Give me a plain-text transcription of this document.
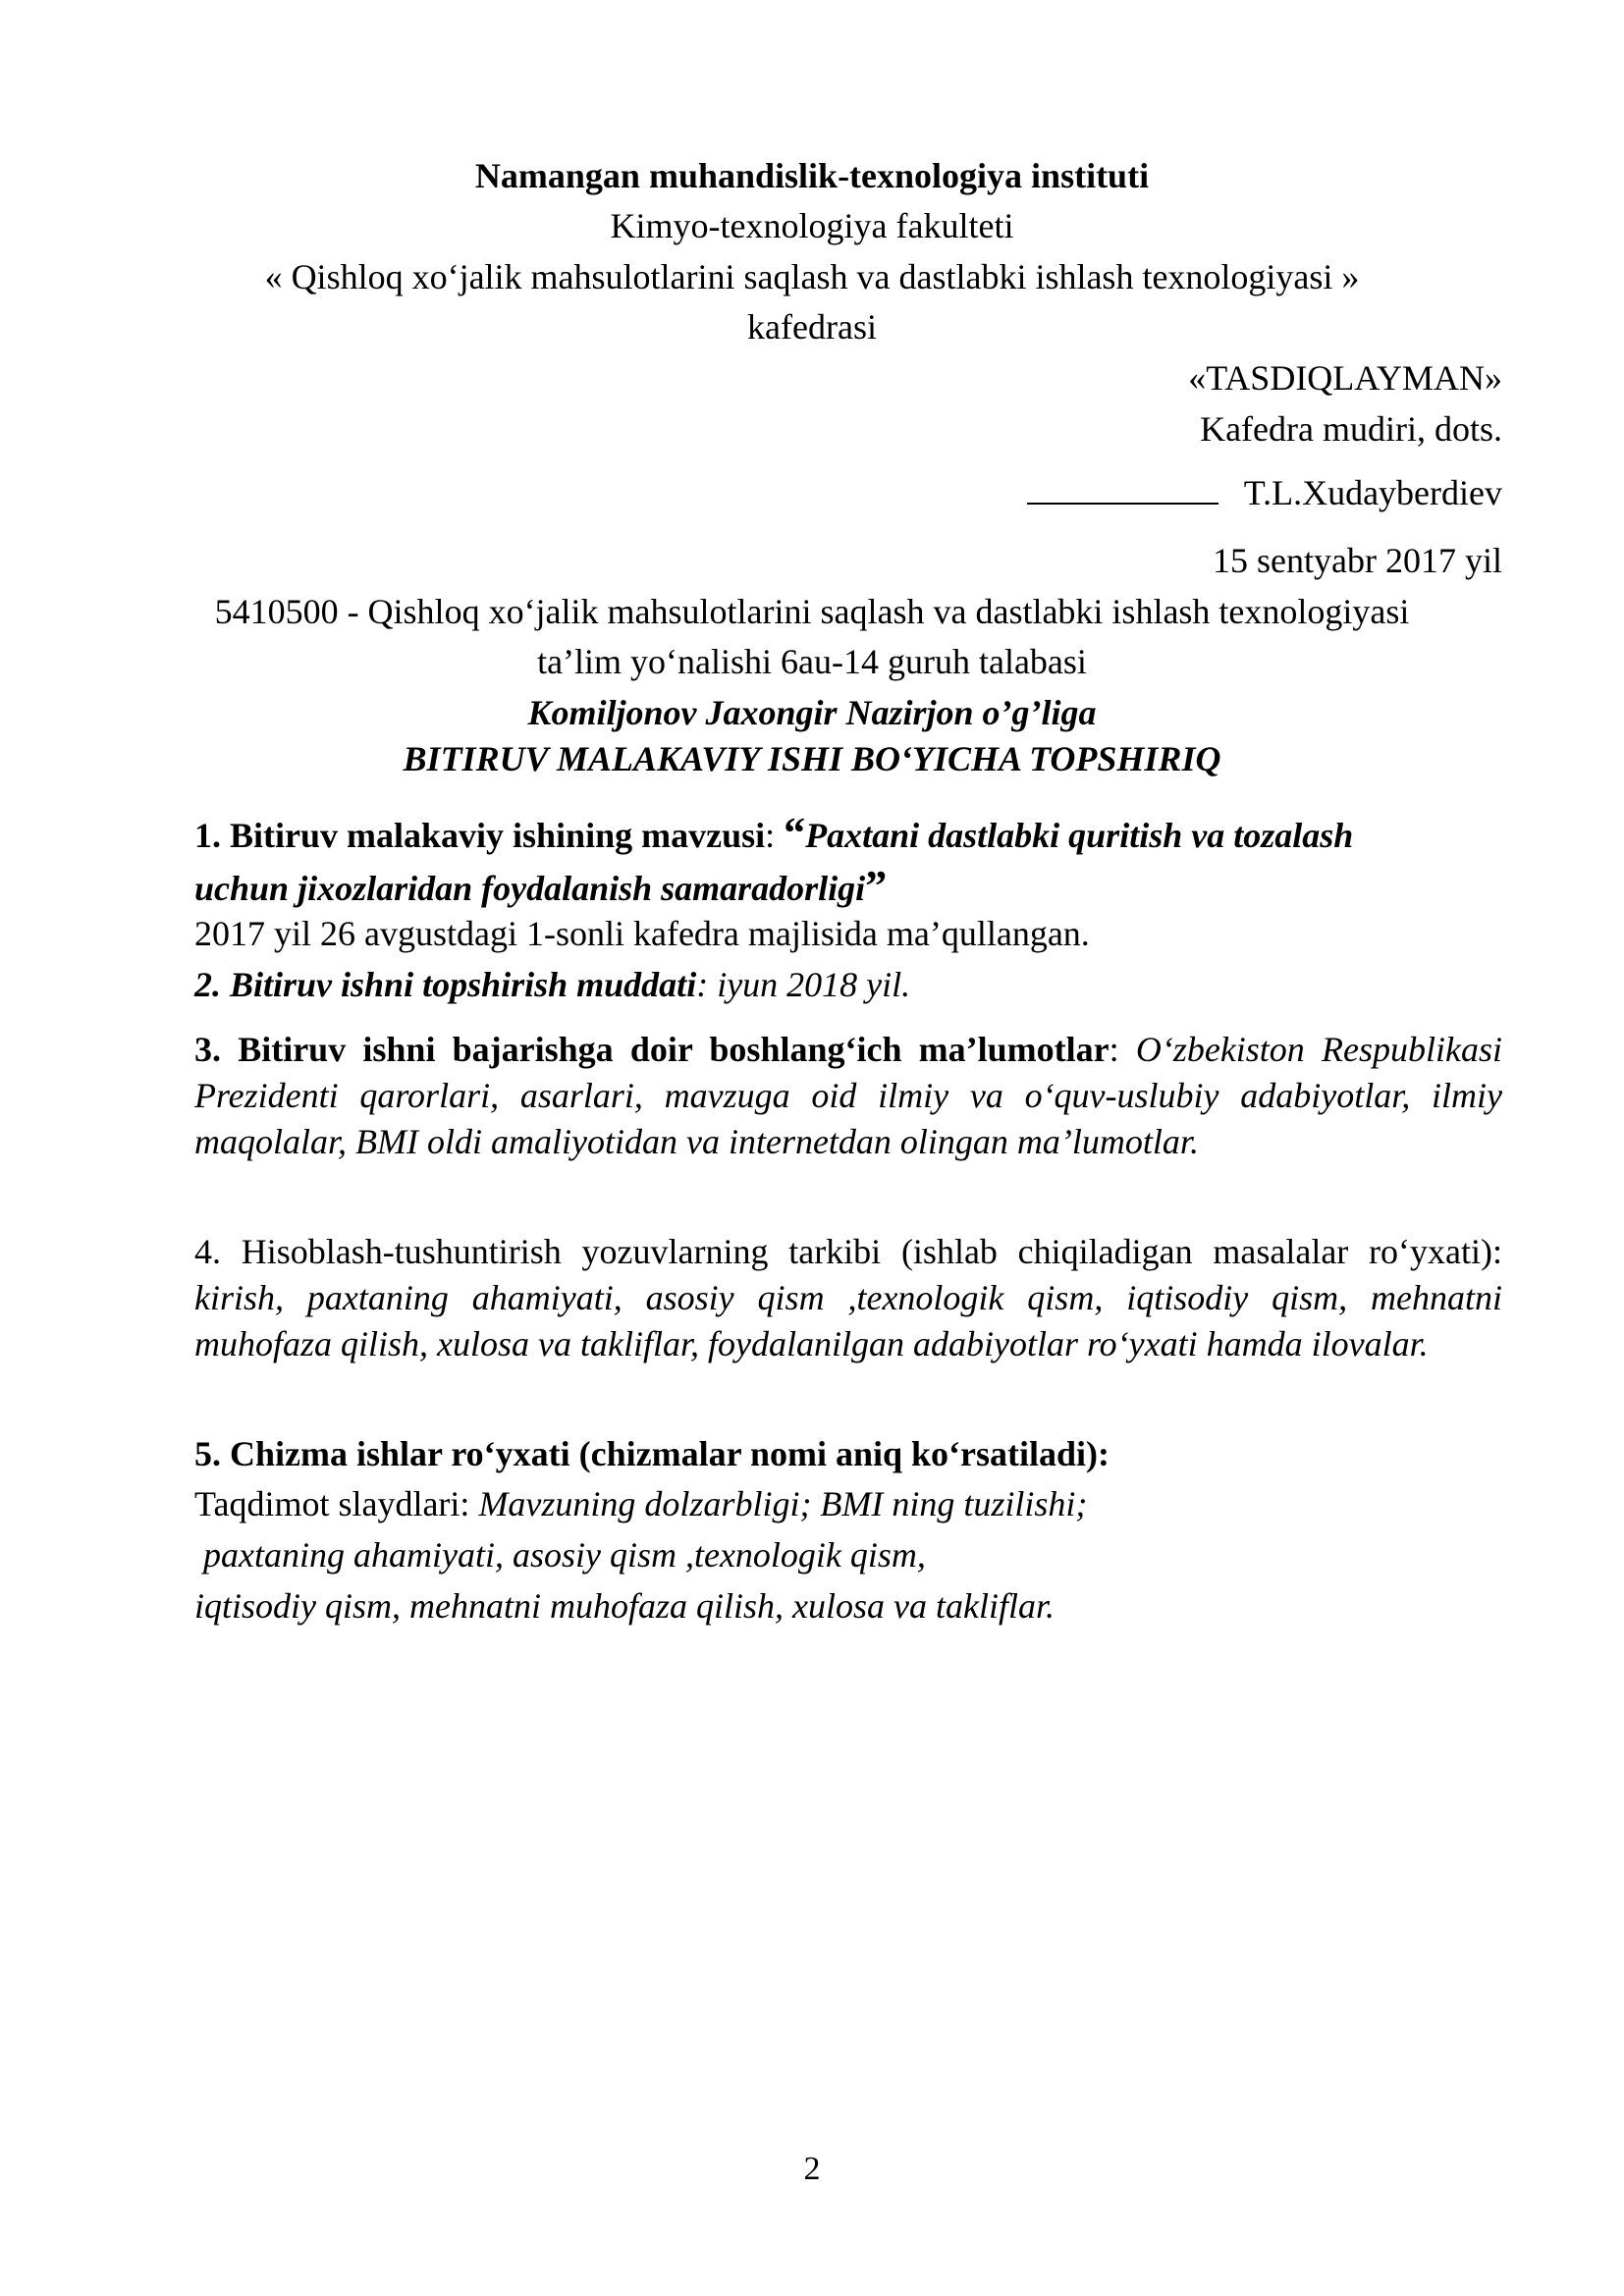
Namangan muhandislik-texnologiya instituti
Kimyo-texnologiya fakulteti
« Qishloq xo‘jalik mahsulotlarini saqlash va dastlabki ishlash texnologiyasi »
kafedrasi
«TASDIQLAYMAN»
Kafedra mudiri, dots.
T.L.Xudayberdiev
15 sentyabr 2017 yil
5410500 - Qishloq xo‘jalik mahsulotlarini saqlash va dastlabki ishlash texnologiyasi
ta’lim yo‘nalishi 6au-14 guruh talabasi
Komiljonov Jaxongir Nazirjon o’g’liga
BITIRUV MALAKAVIY ISHI BO‘YICHA TOPSHIRIQ
1. Bitiruv malakaviy ishining mavzusi: “Paxtani dastlabki quritish va tozalash
uchun jixozlaridan foydalanish samaradorligi”
2017 yil 26 avgustdagi 1-sonli kafedra majlisida ma’qullangan.
2. Bitiruv ishni topshirish muddati: iyun 2018 yil.

3. Bitiruv ishni bajarishga doir boshlang‘ich ma’lumotlar: O‘zbekiston Respublikasi Prezidenti qarorlari, asarlari, mavzuga oid ilmiy va o‘quv-uslubiy adabiyotlar, ilmiy maqolalar, BMI oldi amaliyotidan va internetdan olingan ma’lumotlar.

4. Hisoblash-tushuntirish yozuvlarning tarkibi (ishlab chiqiladigan masalalar ro‘yxati): kirish, paxtaning ahamiyati, asosiy qism ,texnologik qism, iqtisodiy qism, mehnatni muhofaza qilish, xulosa va takliflar, foydalanilgan adabiyotlar ro‘yxati hamda ilovalar.

5. Chizma ishlar ro‘yxati (chizmalar nomi aniq ko‘rsatiladi):
Taqdimot slaydlari: Mavzuning dolzarbligi; BMI ning tuzilishi;
paxtaning ahamiyati, asosiy qism ,texnologik qism,
iqtisodiy qism, mehnatni muhofaza qilish, xulosa va takliflar.
2
